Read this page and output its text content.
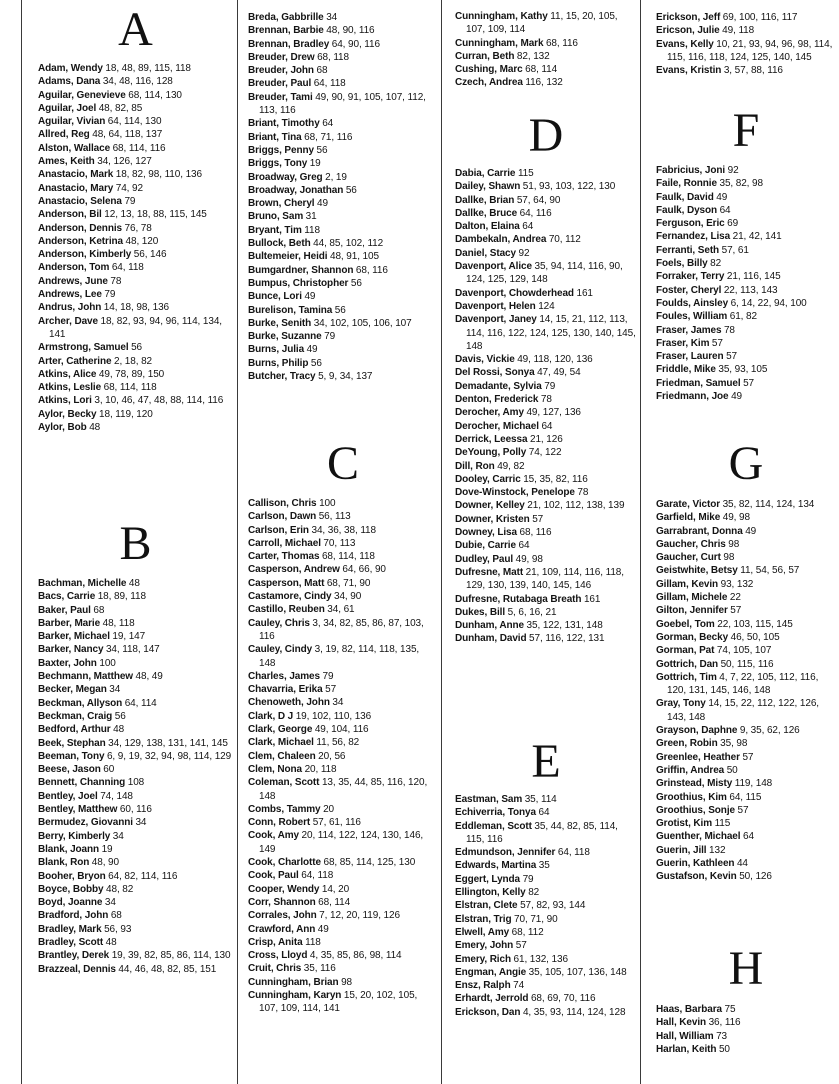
A
Adam, Wendy 18, 48, 89, 115, 118
Adams, Dana 34, 48, 116, 128
Aguilar, Genevieve 68, 114, 130
Aguilar, Joel 48, 82, 85
Aguilar, Vivian 64, 114, 130
Allred, Reg 48, 64, 118, 137
Alston, Wallace 68, 114, 116
Ames, Keith 34, 126, 127
Anastacio, Mark 18, 82, 98, 110, 136
Anastacio, Mary 74, 92
Anastacio, Selena 79
Anderson, Bil 12, 13, 18, 88, 115, 145
Anderson, Dennis 76, 78
Anderson, Ketrina 48, 120
Anderson, Kimberly 56, 146
Anderson, Tom 64, 118
Andrews, June 78
Andrews, Lee 79
Andrus, John 14, 18, 98, 136
Archer, Dave 18, 82, 93, 94, 96, 114, 134, 141
Armstrong, Samuel 56
Arter, Catherine 2, 18, 82
Atkins, Alice 49, 78, 89, 150
Atkins, Leslie 68, 114, 118
Atkins, Lori 3, 10, 46, 47, 48, 88, 114, 116
Aylor, Becky 18, 119, 120
Aylor, Bob 48
B
Bachman, Michelle 48
Bacs, Carrie 18, 89, 118
Baker, Paul 68
Barber, Marie 48, 118
Barker, Michael 19, 147
Barker, Nancy 34, 118, 147
Baxter, John 100
Bechmann, Matthew 48, 49
Becker, Megan 34
Beckman, Allyson 64, 114
Beckman, Craig 56
Bedford, Arthur 48
Beek, Stephan 34, 129, 138, 131, 141, 145
Beeman, Tony 6, 9, 19, 32, 94, 98, 114, 129
Beese, Jason 60
Bennett, Channing 108
Bentley, Joel 74, 148
Bentley, Matthew 60, 116
Bermudez, Giovanni 34
Berry, Kimberly 34
Blank, Joann 19
Blank, Ron 48, 90
Booher, Bryon 64, 82, 114, 116
Boyce, Bobby 48, 82
Boyd, Joanne 34
Bradford, John 68
Bradley, Mark 56, 93
Bradley, Scott 48
Brantley, Derek 19, 39, 82, 85, 86, 114, 130
Brazzeal, Dennis 44, 46, 48, 82, 85, 151
Breda, Gabbrille 34
Brennan, Barbie 48, 90, 116
Brennan, Bradley 64, 90, 116
Breuder, Drew 68, 118
Breuder, John 68
Breuder, Paul 64, 118
Breuder, Tami 49, 90, 91, 105, 107, 112, 113, 116
Briant, Timothy 64
Briant, Tina 68, 71, 116
Briggs, Penny 56
Briggs, Tony 19
Broadway, Greg 2, 19
Broadway, Jonathan 56
Brown, Cheryl 49
Bruno, Sam 31
Bryant, Tim 118
Bullock, Beth 44, 85, 102, 112
Bultemeier, Heidi 48, 91, 105
Bumgardner, Shannon 68, 116
Bumpus, Christopher 56
Bunce, Lori 49
Burelison, Tamina 56
Burke, Senith 34, 102, 105, 106, 107
Burke, Suzanne 79
Burns, Julia 49
Burns, Philip 56
Butcher, Tracy 5, 9, 34, 137
C
Callison, Chris 100
Carlson, Dawn 56, 113
Carlson, Erin 34, 36, 38, 118
Carroll, Michael 70, 113
Carter, Thomas 68, 114, 118
Casperson, Andrew 64, 66, 90
Casperson, Matt 68, 71, 90
Castamore, Cindy 34, 90
Castillo, Reuben 34, 61
Cauley, Chris 3, 34, 82, 85, 86, 87, 103, 116
Cauley, Cindy 3, 19, 82, 114, 118, 135, 148
Charles, James 79
Chavarria, Erika 57
Chenoweth, John 34
Clark, D J 19, 102, 110, 136
Clark, George 49, 104, 116
Clark, Michael 11, 56, 82
Clem, Chaleen 20, 56
Clem, Nona 20, 118
Coleman, Scott 13, 35, 44, 85, 116, 120, 148
Combs, Tammy 20
Conn, Robert 57, 61, 116
Cook, Amy 20, 114, 122, 124, 130, 146, 149
Cook, Charlotte 68, 85, 114, 125, 130
Cook, Paul 64, 118
Cooper, Wendy 14, 20
Corr, Shannon 68, 114
Corrales, John 7, 12, 20, 119, 126
Crawford, Ann 49
Crisp, Anita 118
Cross, Lloyd 4, 35, 85, 86, 98, 114
Cruit, Chris 35, 116
Cunningham, Brian 98
Cunningham, Karyn 15, 20, 102, 105, 107, 109, 114, 141
Cunningham, Kathy 11, 15, 20, 105, 107, 109, 114
Cunningham, Mark 68, 116
Curran, Beth 82, 132
Cushing, Marc 68, 114
Czech, Andrea 116, 132
D
Dabia, Carrie 115
Dailey, Shawn 51, 93, 103, 122, 130
Dallke, Brian 57, 64, 90
Dallke, Bruce 64, 116
Dalton, Elaina 64
Dambekaln, Andrea 70, 112
Daniel, Stacy 92
Davenport, Alice 35, 94, 114, 116, 90, 124, 125, 129, 148
Davenport, Chowderhead 161
Davenport, Helen 124
Davenport, Janey 14, 15, 21, 112, 113, 114, 116, 122, 124, 125, 130, 140, 145, 148
Davis, Vickie 49, 118, 120, 136
Del Rossi, Sonya 47, 49, 54
Demadante, Sylvia 79
Denton, Frederick 78
Derocher, Amy 49, 127, 136
Derocher, Michael 64
Derrick, Leessa 21, 126
DeYoung, Polly 74, 122
Dill, Ron 49, 82
Dooley, Carric 15, 35, 82, 116
Dove-Winstock, Penelope 78
Downer, Kelley 21, 102, 112, 138, 139
Downer, Kristen 57
Downey, Lisa 68, 116
Dubie, Carrie 64
Dudley, Paul 49, 98
Dufresne, Matt 21, 109, 114, 116, 118, 129, 130, 139, 140, 145, 146
Dufresne, Rutabaga Breath 161
Dukes, Bill 5, 6, 16, 21
Dunham, Anne 35, 122, 131, 148
Dunham, David 57, 116, 122, 131
E
Eastman, Sam 35, 114
Echiverria, Tonya 64
Eddleman, Scott 35, 44, 82, 85, 114, 115, 116
Edmundson, Jennifer 64, 118
Edwards, Martina 35
Eggert, Lynda 79
Ellington, Kelly 82
Elstran, Clete 57, 82, 93, 144
Elstran, Trig 70, 71, 90
Elwell, Amy 68, 112
Emery, John 57
Emery, Rich 61, 132, 136
Engman, Angie 35, 105, 107, 136, 148
Ensz, Ralph 74
Erhardt, Jerrold 68, 69, 70, 116
Erickson, Dan 4, 35, 93, 114, 124, 128
Erickson, Jeff 69, 100, 116, 117
Ericson, Julie 49, 118
Evans, Kelly 10, 21, 93, 94, 96, 98, 114, 115, 116, 118, 124, 125, 140, 145
Evans, Kristin 3, 57, 88, 116
F
Fabricius, Joni 92
Faile, Ronnie 35, 82, 98
Faulk, David 49
Faulk, Dyson 64
Ferguson, Eric 69
Fernandez, Lisa 21, 42, 141
Ferranti, Seth 57, 61
Foels, Billy 82
Forraker, Terry 21, 116, 145
Foster, Cheryl 22, 113, 143
Foulds, Ainsley 6, 14, 22, 94, 100
Foules, William 61, 82
Fraser, James 78
Fraser, Kim 57
Fraser, Lauren 57
Friddle, Mike 35, 93, 105
Friedman, Samuel 57
Friedmann, Joe 49
G
Garate, Victor 35, 82, 114, 124, 134
Garfield, Mike 49, 98
Garrabrant, Donna 49
Gaucher, Chris 98
Gaucher, Curt 98
Geistwhite, Betsy 11, 54, 56, 57
Gillam, Kevin 93, 132
Gillam, Michele 22
Gilton, Jennifer 57
Goebel, Tom 22, 103, 115, 145
Gorman, Becky 46, 50, 105
Gorman, Pat 74, 105, 107
Gottrich, Dan 50, 115, 116
Gottrich, Tim 4, 7, 22, 105, 112, 116, 120, 131, 145, 146, 148
Gray, Tony 14, 15, 22, 112, 122, 126, 143, 148
Grayson, Daphne 9, 35, 62, 126
Green, Robin 35, 98
Greenlee, Heather 57
Griffin, Andrea 50
Grinstead, Misty 119, 148
Groothius, Kim 64, 115
Groothius, Sonje 57
Grotist, Kim 115
Guenther, Michael 64
Guerin, Jill 132
Guerin, Kathleen 44
Gustafson, Kevin 50, 126
H
Haas, Barbara 75
Hall, Kevin 36, 116
Hall, William 73
Harlan, Keith 50
